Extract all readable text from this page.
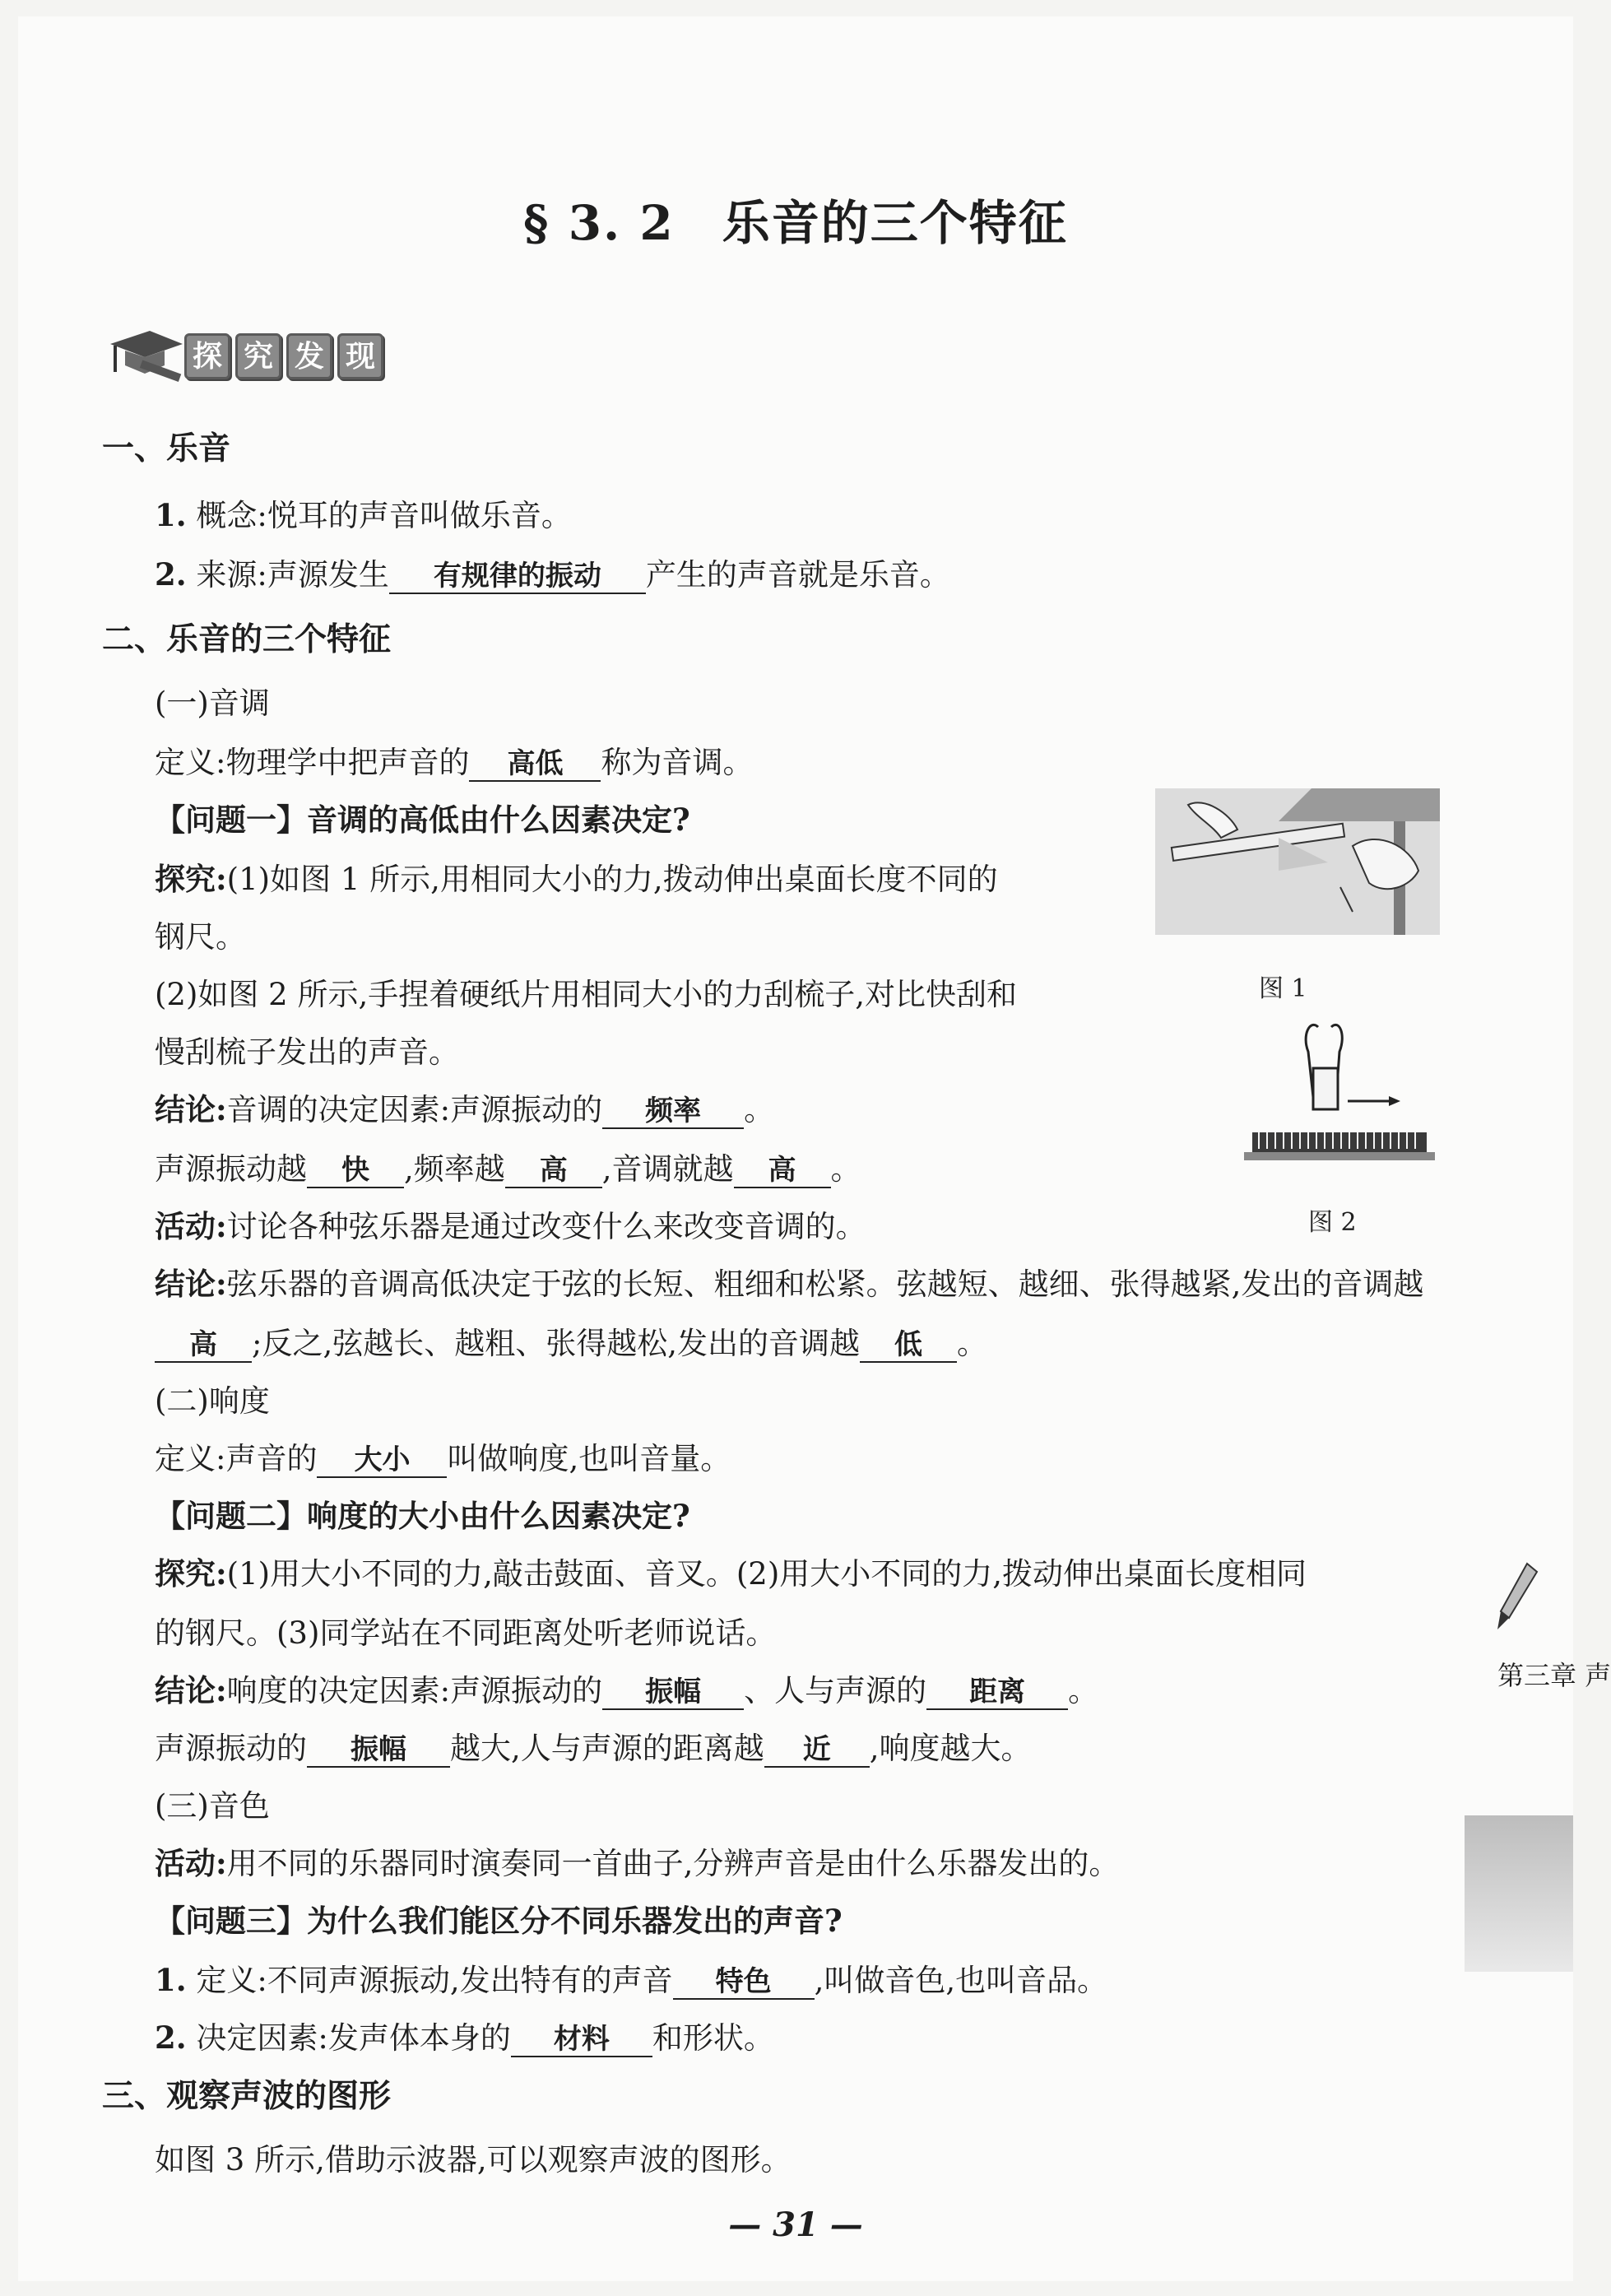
§ 3. 2 乐音的三个特征
探 究 发 现
一、乐音
1. 概念:悦耳的声音叫做乐音。
2. 来源:声源发生 有规律的振动 产生的声音就是乐音。
二、乐音的三个特征
(一)音调
定义:物理学中把声音的 高低 称为音调。
【问题一】音调的高低由什么因素决定?
探究:(1)如图 1 所示,用相同大小的力,拨动伸出桌面长度不同的
钢尺。
(2)如图 2 所示,手捏着硬纸片用相同大小的力刮梳子,对比快刮和
慢刮梳子发出的声音。
结论:音调的决定因素:声源振动的 频率 。
声源振动越 快 ,频率越 高 ,音调就越 高 。
活动:讨论各种弦乐器是通过改变什么来改变音调的。
结论:弦乐器的音调高低决定于弦的长短、粗细和松紧。弦越短、越细、张得越紧,发出的音调越
高 ;反之,弦越长、越粗、张得越松,发出的音调越 低 。
(二)响度
定义:声音的 大小 叫做响度,也叫音量。
【问题二】响度的大小由什么因素决定?
探究:(1)用大小不同的力,敲击鼓面、音叉。(2)用大小不同的力,拨动伸出桌面长度相同
的钢尺。(3)同学站在不同距离处听老师说话。
结论:响度的决定因素:声源振动的 振幅 、人与声源的 距离 。
声源振动的 振幅 越大,人与声源的距离越 近 ,响度越大。
(三)音色
活动:用不同的乐器同时演奏同一首曲子,分辨声音是由什么乐器发出的。
【问题三】为什么我们能区分不同乐器发出的声音?
1. 定义:不同声源振动,发出特有的声音 特色 ,叫做音色,也叫音品。
2. 决定因素:发声体本身的 材料 和形状。
三、观察声波的图形
如图 3 所示,借助示波器,可以观察声波的图形。
图 1
图 2
第三章 声
— 31 —
